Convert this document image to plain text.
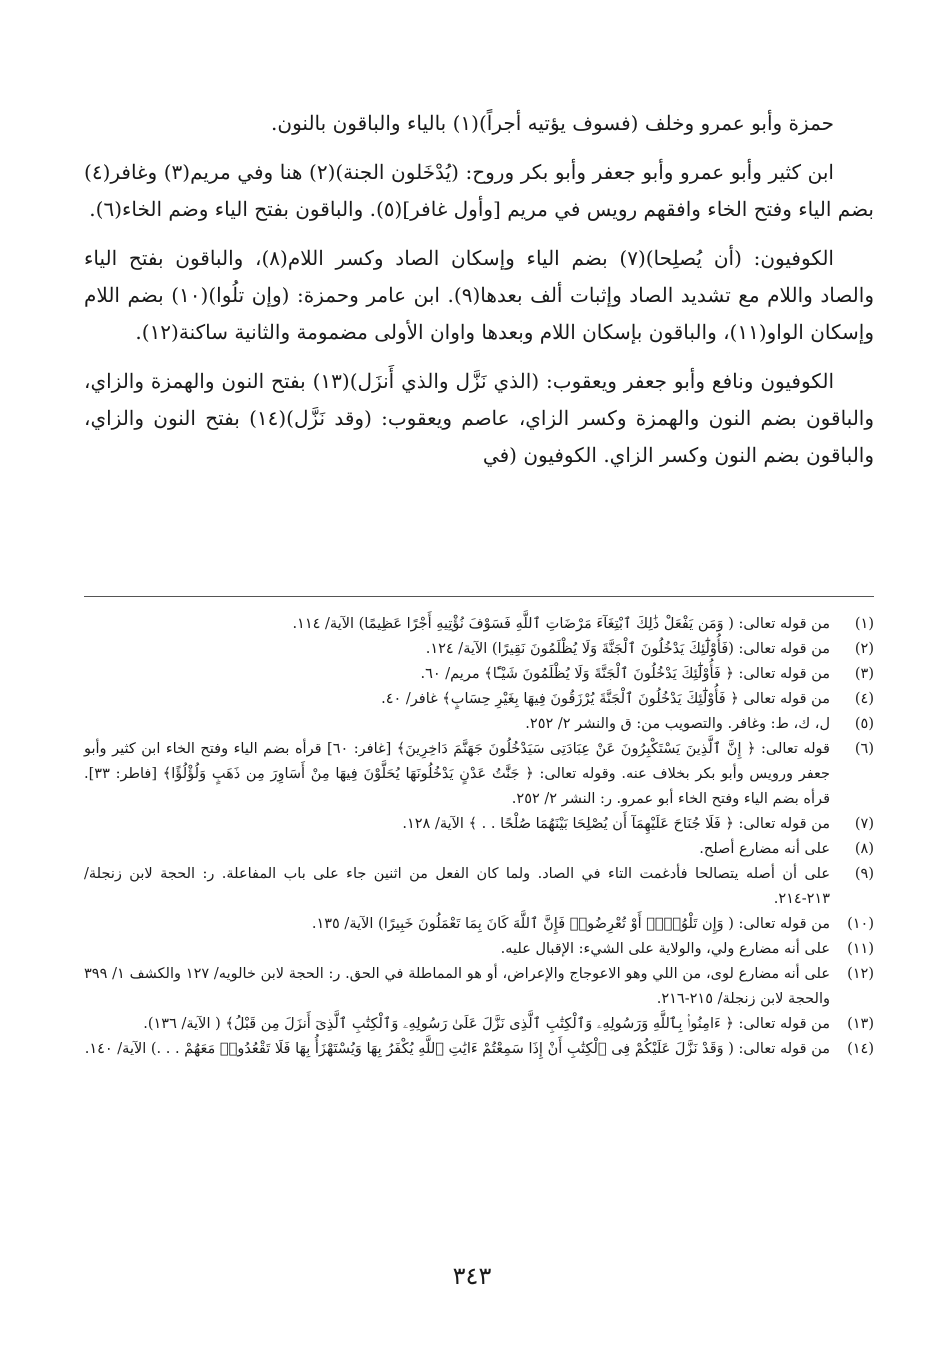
حمزة وأبو عمرو وخلف (فسوف يؤتيه أجراً)(١) بالياء والباقون بالنون.

ابن كثير وأبو عمرو وأبو جعفر وأبو بكر وروح: (يُدْخَلون الجنة)(٢) هنا وفي مريم(٣) وغافر(٤) بضم الياء وفتح الخاء وافقهم رويس في مريم [وأول غافر](٥). والباقون بفتح الياء وضم الخاء(٦).

الكوفيون: (أن يُصلِحا)(٧) بضم الياء وإسكان الصاد وكسر اللام(٨)، والباقون بفتح الياء والصاد واللام مع تشديد الصاد وإثبات ألف بعدها(٩). ابن عامر وحمزة: (وإن تلُوا)(١٠) بضم اللام وإسكان الواو(١١)، والباقون بإسكان اللام وبعدها واوان الأولى مضمومة والثانية ساكنة(١٢).

الكوفيون ونافع وأبو جعفر ويعقوب: (الذي نَزَّل والذي أَنزَل)(١٣) بفتح النون والهمزة والزاي، والباقون بضم النون والهمزة وكسر الزاي، عاصم ويعقوب: (وقد نَزَّل)(١٤) بفتح النون والزاي، والباقون بضم النون وكسر الزاي. الكوفيون (في

(١)
من قوله تعالى: ( وَمَن يَفْعَلْ ذَٰلِكَ ٱبْتِغَآءَ مَرْضَاتِ ٱللَّهِ فَسَوْفَ نُؤْتِيهِ أَجْرًا عَظِيمًا) الآية/ ١١٤.
(٢)
من قوله تعالى: (فَأُوْلَٰٓئِكَ يَدْخُلُونَ ٱلْجَنَّةَ وَلَا يُظْلَمُونَ نَقِيرًا) الآية/ ١٢٤.
(٣)
من قوله تعالى: ﴿ فَأُوْلَٰٓئِكَ يَدْخُلُونَ ٱلْجَنَّةَ وَلَا يُظْلَمُونَ شَيْـًٔا﴾ مريم/ ٦٠.
(٤)
من قوله تعالى ﴿ فَأُوْلَٰٓئِكَ يَدْخُلُونَ ٱلْجَنَّةَ يُرْزَقُونَ فِيهَا بِغَيْرِ حِسَابٍ﴾ غافر/ ٤٠.
(٥)
ل، ك، ط: وغافر. والتصويب من: ق والنشر ٢/ ٢٥٢.
(٦)
قوله تعالى: ﴿ إِنَّ ٱلَّذِينَ يَسْتَكْبِرُونَ عَنْ عِبَادَتِى سَيَدْخُلُونَ جَهَنَّمَ دَاخِرِينَ﴾ [غافر: ٦٠] قرأه بضم الياء وفتح الخاء ابن كثير وأبو جعفر ورويس وأبو بكر بخلاف عنه. وقوله تعالى: ﴿ جَنَّٰتُ عَدْنٍ يَدْخُلُونَهَا يُحَلَّوْنَ فِيهَا مِنْ أَسَاوِرَ مِن ذَهَبٍ وَلُؤْلُؤًا﴾ [فاطر: ٣٣]. قرأه بضم الياء وفتح الخاء أبو عمرو. ر: النشر ٢/ ٢٥٢.
(٧)
من قوله تعالى: ﴿ فَلَا جُنَاحَ عَلَيْهِمَآ أَن يُصْلِحَا بَيْنَهُمَا صُلْحًا . . ﴾ الآية/ ١٢٨.
(٨)
على أنه مضارع أصلح.
(٩)
على أن أصله يتصالحا فأدغمت التاء في الصاد. ولما كان الفعل من اثنين جاء على باب المفاعلة. ر: الحجة لابن زنجلة/ ٢١٣-٢١٤.
(١٠)
من قوله تعالى: ( وَإِن تَلْوُۥٓا۟ أَوْ تُعْرِضُوا۟ فَإِنَّ ٱللَّهَ كَانَ بِمَا تَعْمَلُونَ خَبِيرًا) الآية/ ١٣٥.
(١١)
على أنه مضارع ولي، والولاية على الشيء: الإقبال عليه.
(١٢)
على أنه مضارع لوى، من اللي وهو الاعوجاج والإعراض، أو هو المماطلة في الحق. ر: الحجة لابن خالويه/ ١٢٧ والكشف ١/ ٣٩٩ والحجة لابن زنجلة/ ٢١٥-٢١٦.
(١٣)
من قوله تعالى: ﴿ ءَامِنُوا۟ بِٱللَّهِ وَرَسُولِهِۦ وَٱلْكِتَٰبِ ٱلَّذِى نَزَّلَ عَلَىٰ رَسُولِهِۦ وَٱلْكِتَٰبِ ٱلَّذِىٓ أَنزَلَ مِن قَبْلُ﴾ ( الآية/ ١٣٦).
(١٤)
من قوله تعالى: ( وَقَدْ نَزَّلَ عَلَيْكُمْ فِى ٱلْكِتَٰبِ أَنْ إِذَا سَمِعْتُمْ ءَايَٰتِ ٱللَّهِ يُكْفَرُ بِهَا وَيُسْتَهْزَأُ بِهَا فَلَا تَقْعُدُوا۟ مَعَهُمْ . . .) الآية/ ١٤٠.
٣٤٣
